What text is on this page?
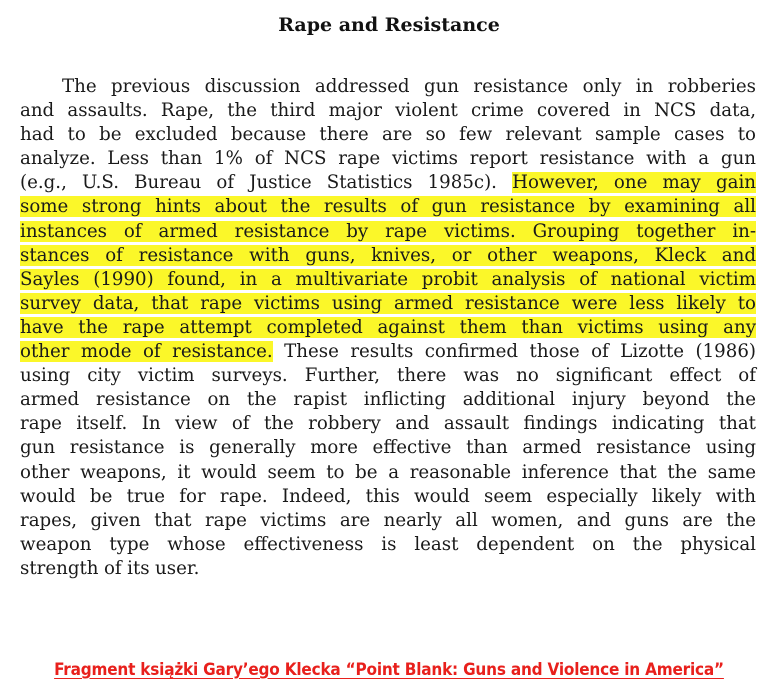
Rape and Resistance
The previous discussion addressed gun resistance only in robberies
and assaults. Rape, the third major violent crime covered in NCS data,
had to be excluded because there are so few relevant sample cases to
analyze. Less than 1% of NCS rape victims report resistance with a gun
(e.g., U.S. Bureau of Justice Statistics 1985c). However, one may gain
some strong hints about the results of gun resistance by examining all
instances of armed resistance by rape victims. Grouping together in-
stances of resistance with guns, knives, or other weapons, Kleck and
Sayles (1990) found, in a multivariate probit analysis of national victim
survey data, that rape victims using armed resistance were less likely to
have the rape attempt completed against them than victims using any
other mode of resistance. These results confirmed those of Lizotte (1986)
using city victim surveys. Further, there was no significant effect of
armed resistance on the rapist inflicting additional injury beyond the
rape itself. In view of the robbery and assault findings indicating that
gun resistance is generally more effective than armed resistance using
other weapons, it would seem to be a reasonable inference that the same
would be true for rape. Indeed, this would seem especially likely with
rapes, given that rape victims are nearly all women, and guns are the
weapon type whose effectiveness is least dependent on the physical
strength of its user.

Fragment książki Gary’ego Klecka “Point Blank: Guns and Violence in America”
